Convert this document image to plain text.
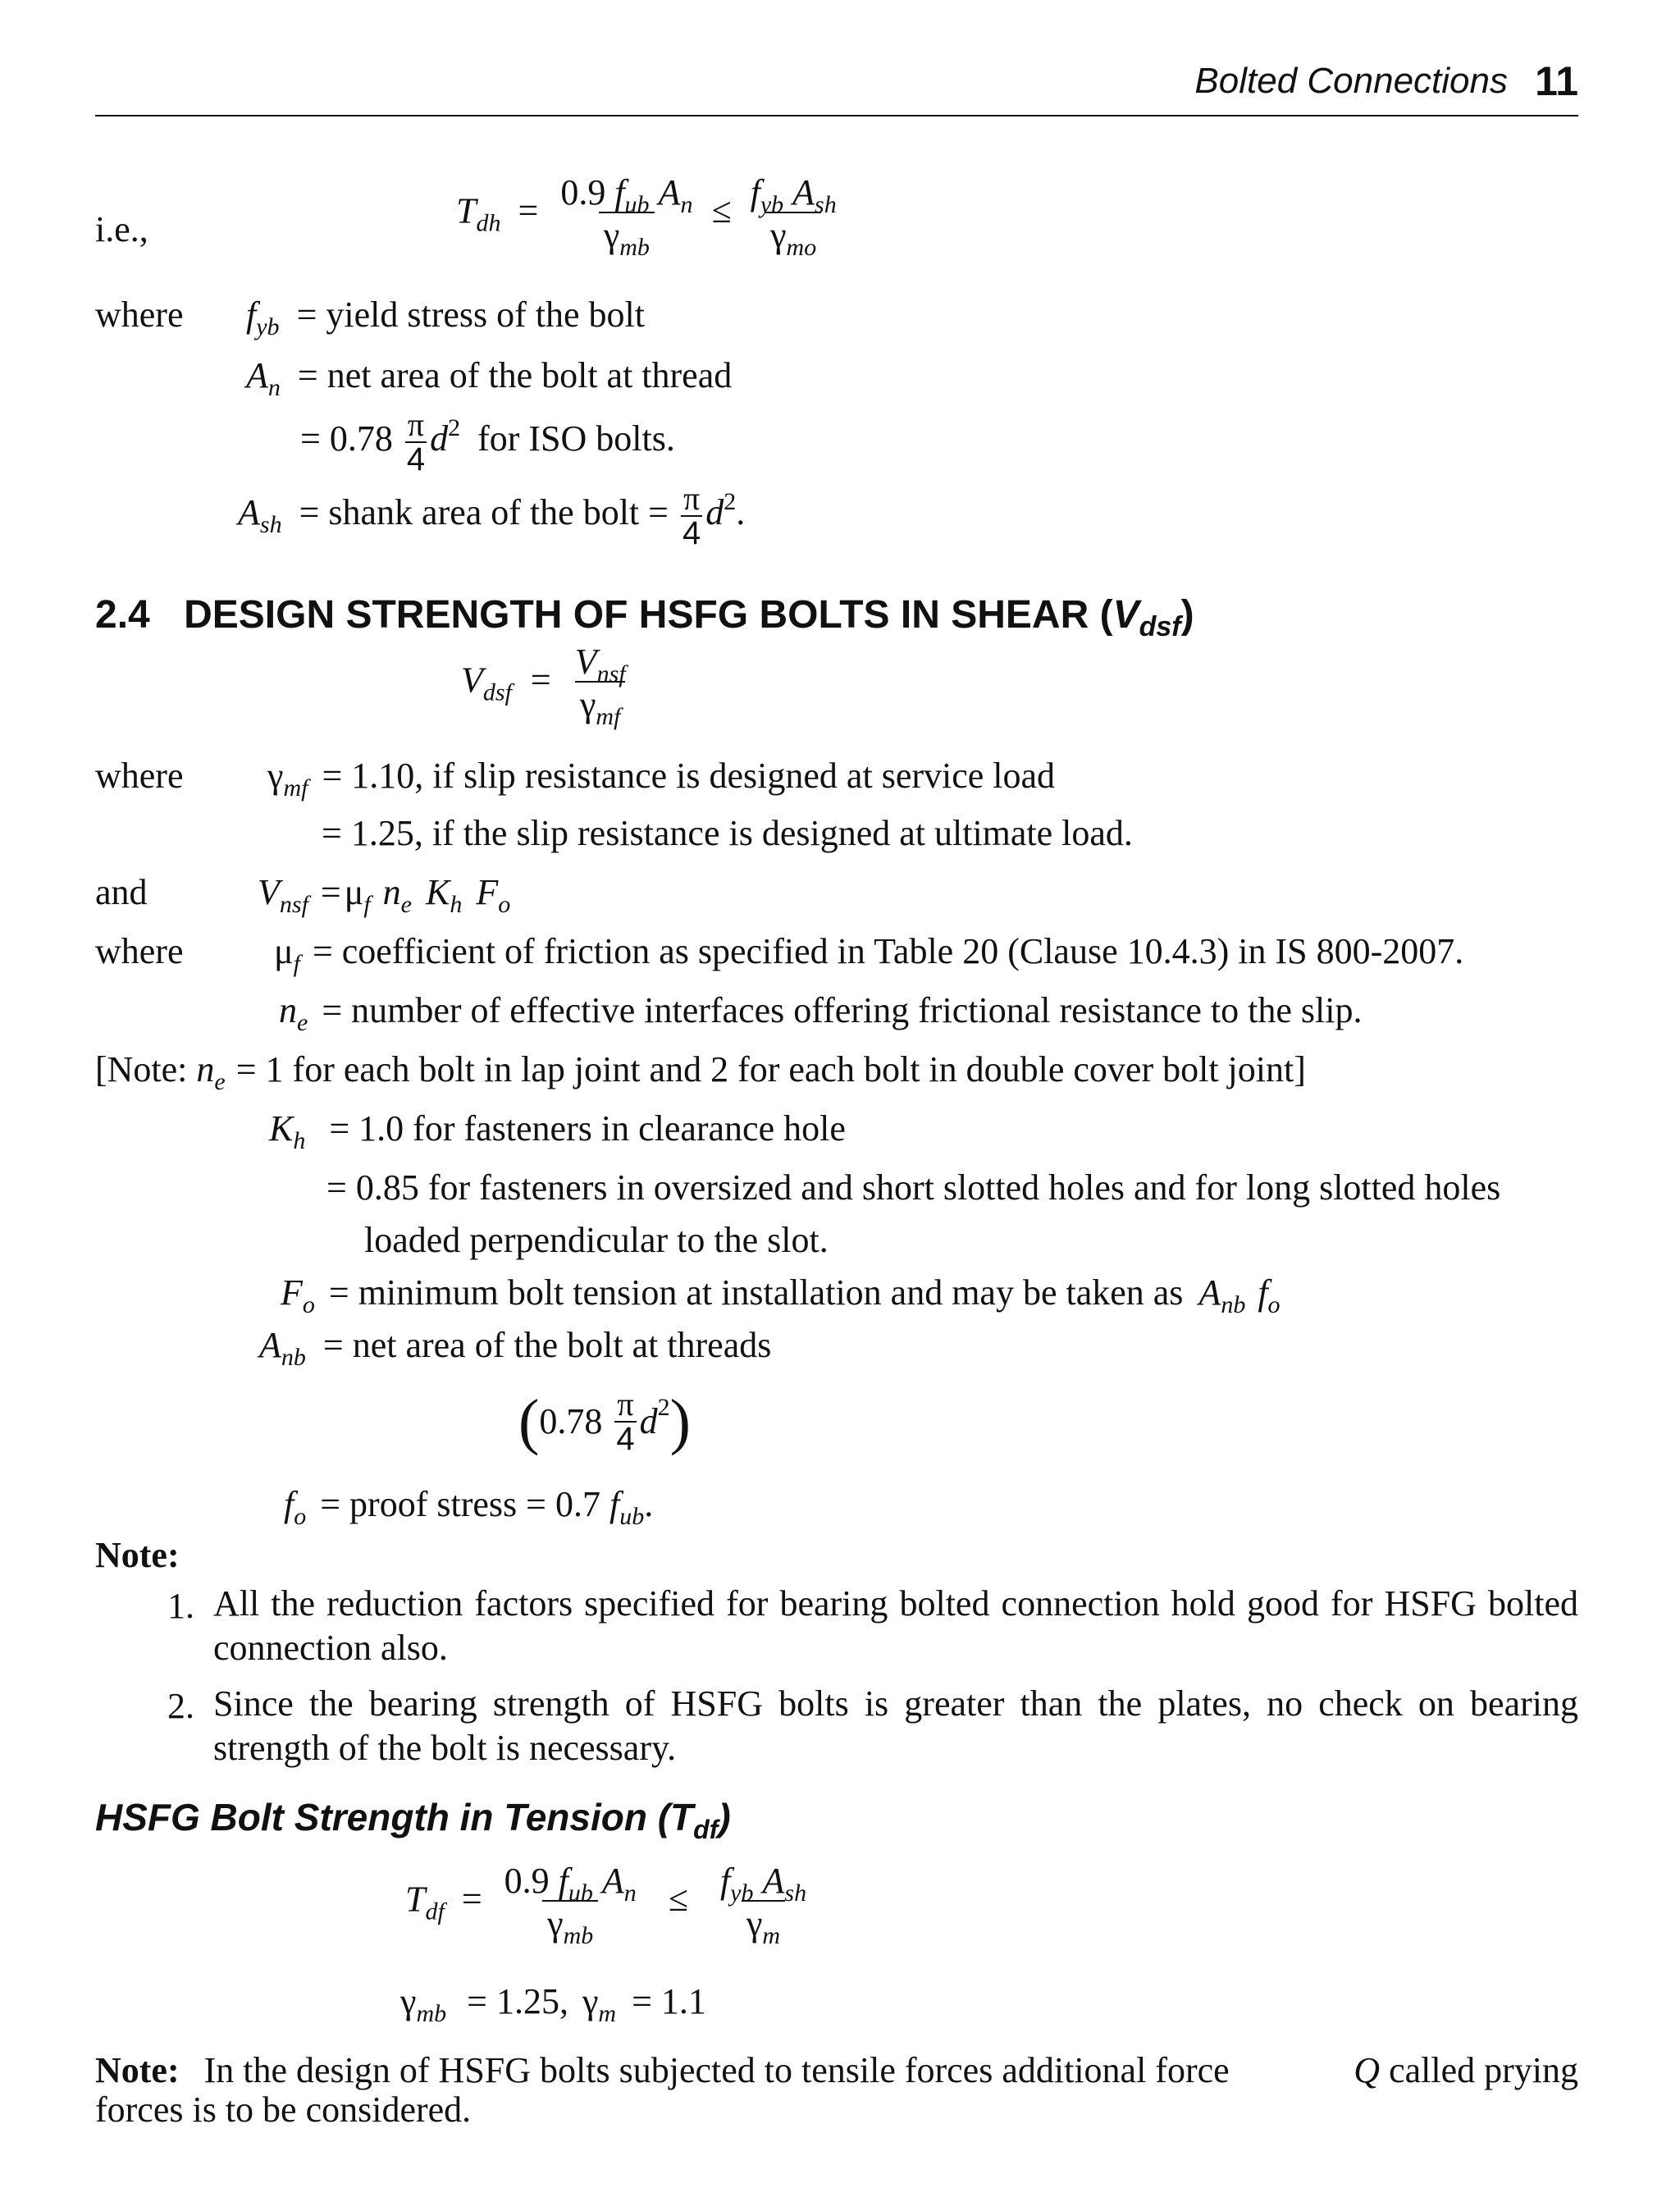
Bolted Connections 11
i.e.,	$T_{dh} = \frac{0.9 f_{ub} A_n}{\gamma_{mb}} \le \frac{f_{yb} A_{sh}}{\gamma_{mo}}$
where $f_{yb}$ = yield stress of the bolt
$A_n$ = net area of the bolt at thread
= $0.78 \frac{\pi}{4} d^2$ for ISO bolts.
$A_{sh}$ = shank area of the bolt = $\frac{\pi}{4} d^2$.
2.4 DESIGN STRENGTH OF HSFG BOLTS IN SHEAR $(V_{dsf})$
$V_{dsf} = \frac{V_{nsf}}{\gamma_{mf}}$
where $\gamma_{mf} = 1.10$, if slip resistance is designed at service load
= 1.25, if the slip resistance is designed at ultimate load.
and	$V_{nsf} =\mu_f$ $n_e$ $K_h$ $F_o$
where	$\mu_f$ = coefficient of friction as specified in Table 20 (Clause 10.4.3) in IS 800-2007.
$n_e$ = number of effective interfaces offering frictional resistance to the slip.
[Note: $n_e = 1$ for each bolt in lap joint and 2 for each bolt in double cover bolt joint]
$K_h = 1.0$ for fasteners in clearance hole
= 0.85 for fasteners in oversized and short slotted holes and for long slotted holes
loaded perpendicular to the slot.
$F_o$ = minimum bolt tension at installation and may be taken as $A_{nb}$ $f_o$
$A_{nb}$ = net area of the bolt at threads
$(0.78 \frac{\pi}{4} d^2)$
$f_o$ = proof stress = 0.7 $f_{ub}$.
Note:
1. All the reduction factors specified for bearing bolted connection hold good for HSFG bolted connection also.
2. Since the bearing strength of HSFG bolts is greater than the plates, no check on bearing strength of the bolt is necessary.
HSFG Bolt Strength in Tension $(T_{df})$
$T_{df} = \frac{0.9 f_{ub} A_n}{\gamma_{mb}} \le \frac{f_{yb} A_{sh}}{\gamma_m}$
$\gamma_{mb} = 1.25$, $\gamma_m = 1.1$
Note: In the design of HSFG bolts subjected to tensile forces additional force	Q called prying
forces is to be considered.
